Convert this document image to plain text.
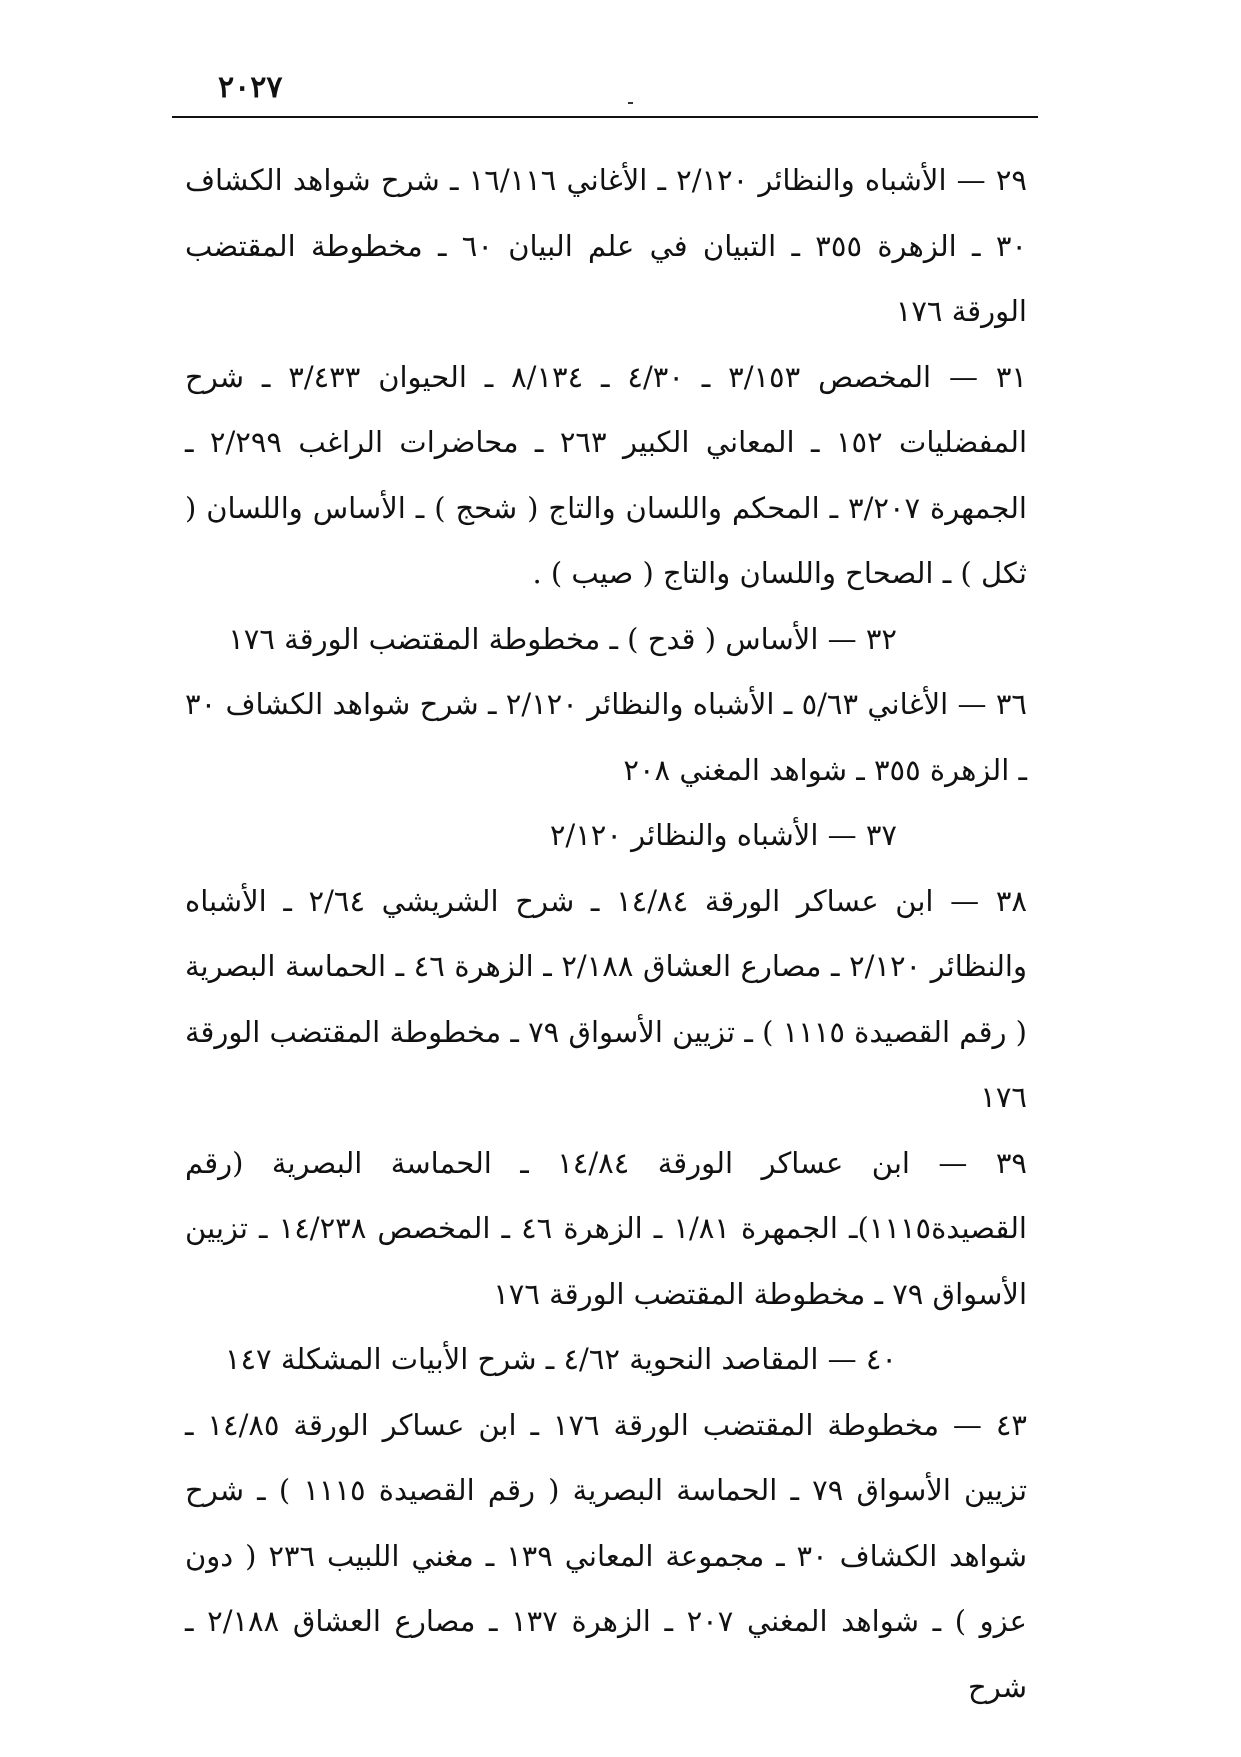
٢٠٢٧

٢٩ — الأشباه والنظائر ٢/١٢٠ ـ الأغاني ١٦/١١٦ ـ شرح شواهد الكشاف ٣٠ ـ الزهرة ٣٥٥ ـ التبيان في علم البيان ٦٠ ـ مخطوطة المقتضب الورقة ١٧٦

٣١ — المخصص ٣/١٥٣ ـ ٤/٣٠ ـ ٨/١٣٤ ـ الحيوان ٣/٤٣٣ ـ شرح المفضليات ١٥٢ ـ المعاني الكبير ٢٦٣ ـ محاضرات الراغب ٢/٢٩٩ ـ الجمهرة ٣/٢٠٧ ـ المحكم واللسان والتاج ( شحج ) ـ الأساس واللسان ( ثكل ) ـ الصحاح واللسان والتاج ( صيب ) .

٣٢ — الأساس ( قدح ) ـ مخطوطة المقتضب الورقة ١٧٦

٣٦ — الأغاني ٥/٦٣ ـ الأشباه والنظائر ٢/١٢٠ ـ شرح شواهد الكشاف ٣٠ ـ الزهرة ٣٥٥ ـ شواهد المغني ٢٠٨

٣٧ — الأشباه والنظائر ٢/١٢٠

٣٨ — ابن عساكر الورقة ١٤/٨٤ ـ شرح الشريشي ٢/٦٤ ـ الأشباه والنظائر ٢/١٢٠ ـ مصارع العشاق ٢/١٨٨ ـ الزهرة ٤٦ ـ الحماسة البصرية ( رقم القصيدة ١١١٥ ) ـ تزيين الأسواق ٧٩ ـ مخطوطة المقتضب الورقة ١٧٦

٣٩ — ابن عساكر الورقة ١٤/٨٤ ـ الحماسة البصرية (رقم القصيدة١١١٥)ـ الجمهرة ١/٨١ ـ الزهرة ٤٦ ـ المخصص ١٤/٢٣٨ ـ تزيين الأسواق ٧٩ ـ مخطوطة المقتضب الورقة ١٧٦

٤٠ — المقاصد النحوية ٤/٦٢ ـ شرح الأبيات المشكلة ١٤٧

٤٣ — مخطوطة المقتضب الورقة ١٧٦ ـ ابن عساكر الورقة ١٤/٨٥ ـ تزيين الأسواق ٧٩ ـ الحماسة البصرية ( رقم القصيدة ١١١٥ ) ـ شرح شواهد الكشاف ٣٠ ـ مجموعة المعاني ١٣٩ ـ مغني اللبيب ٢٣٦ ( دون عزو ) ـ شواهد المغني ٢٠٧ ـ الزهرة ١٣٧ ـ مصارع العشاق ٢/١٨٨ ـ شرح
